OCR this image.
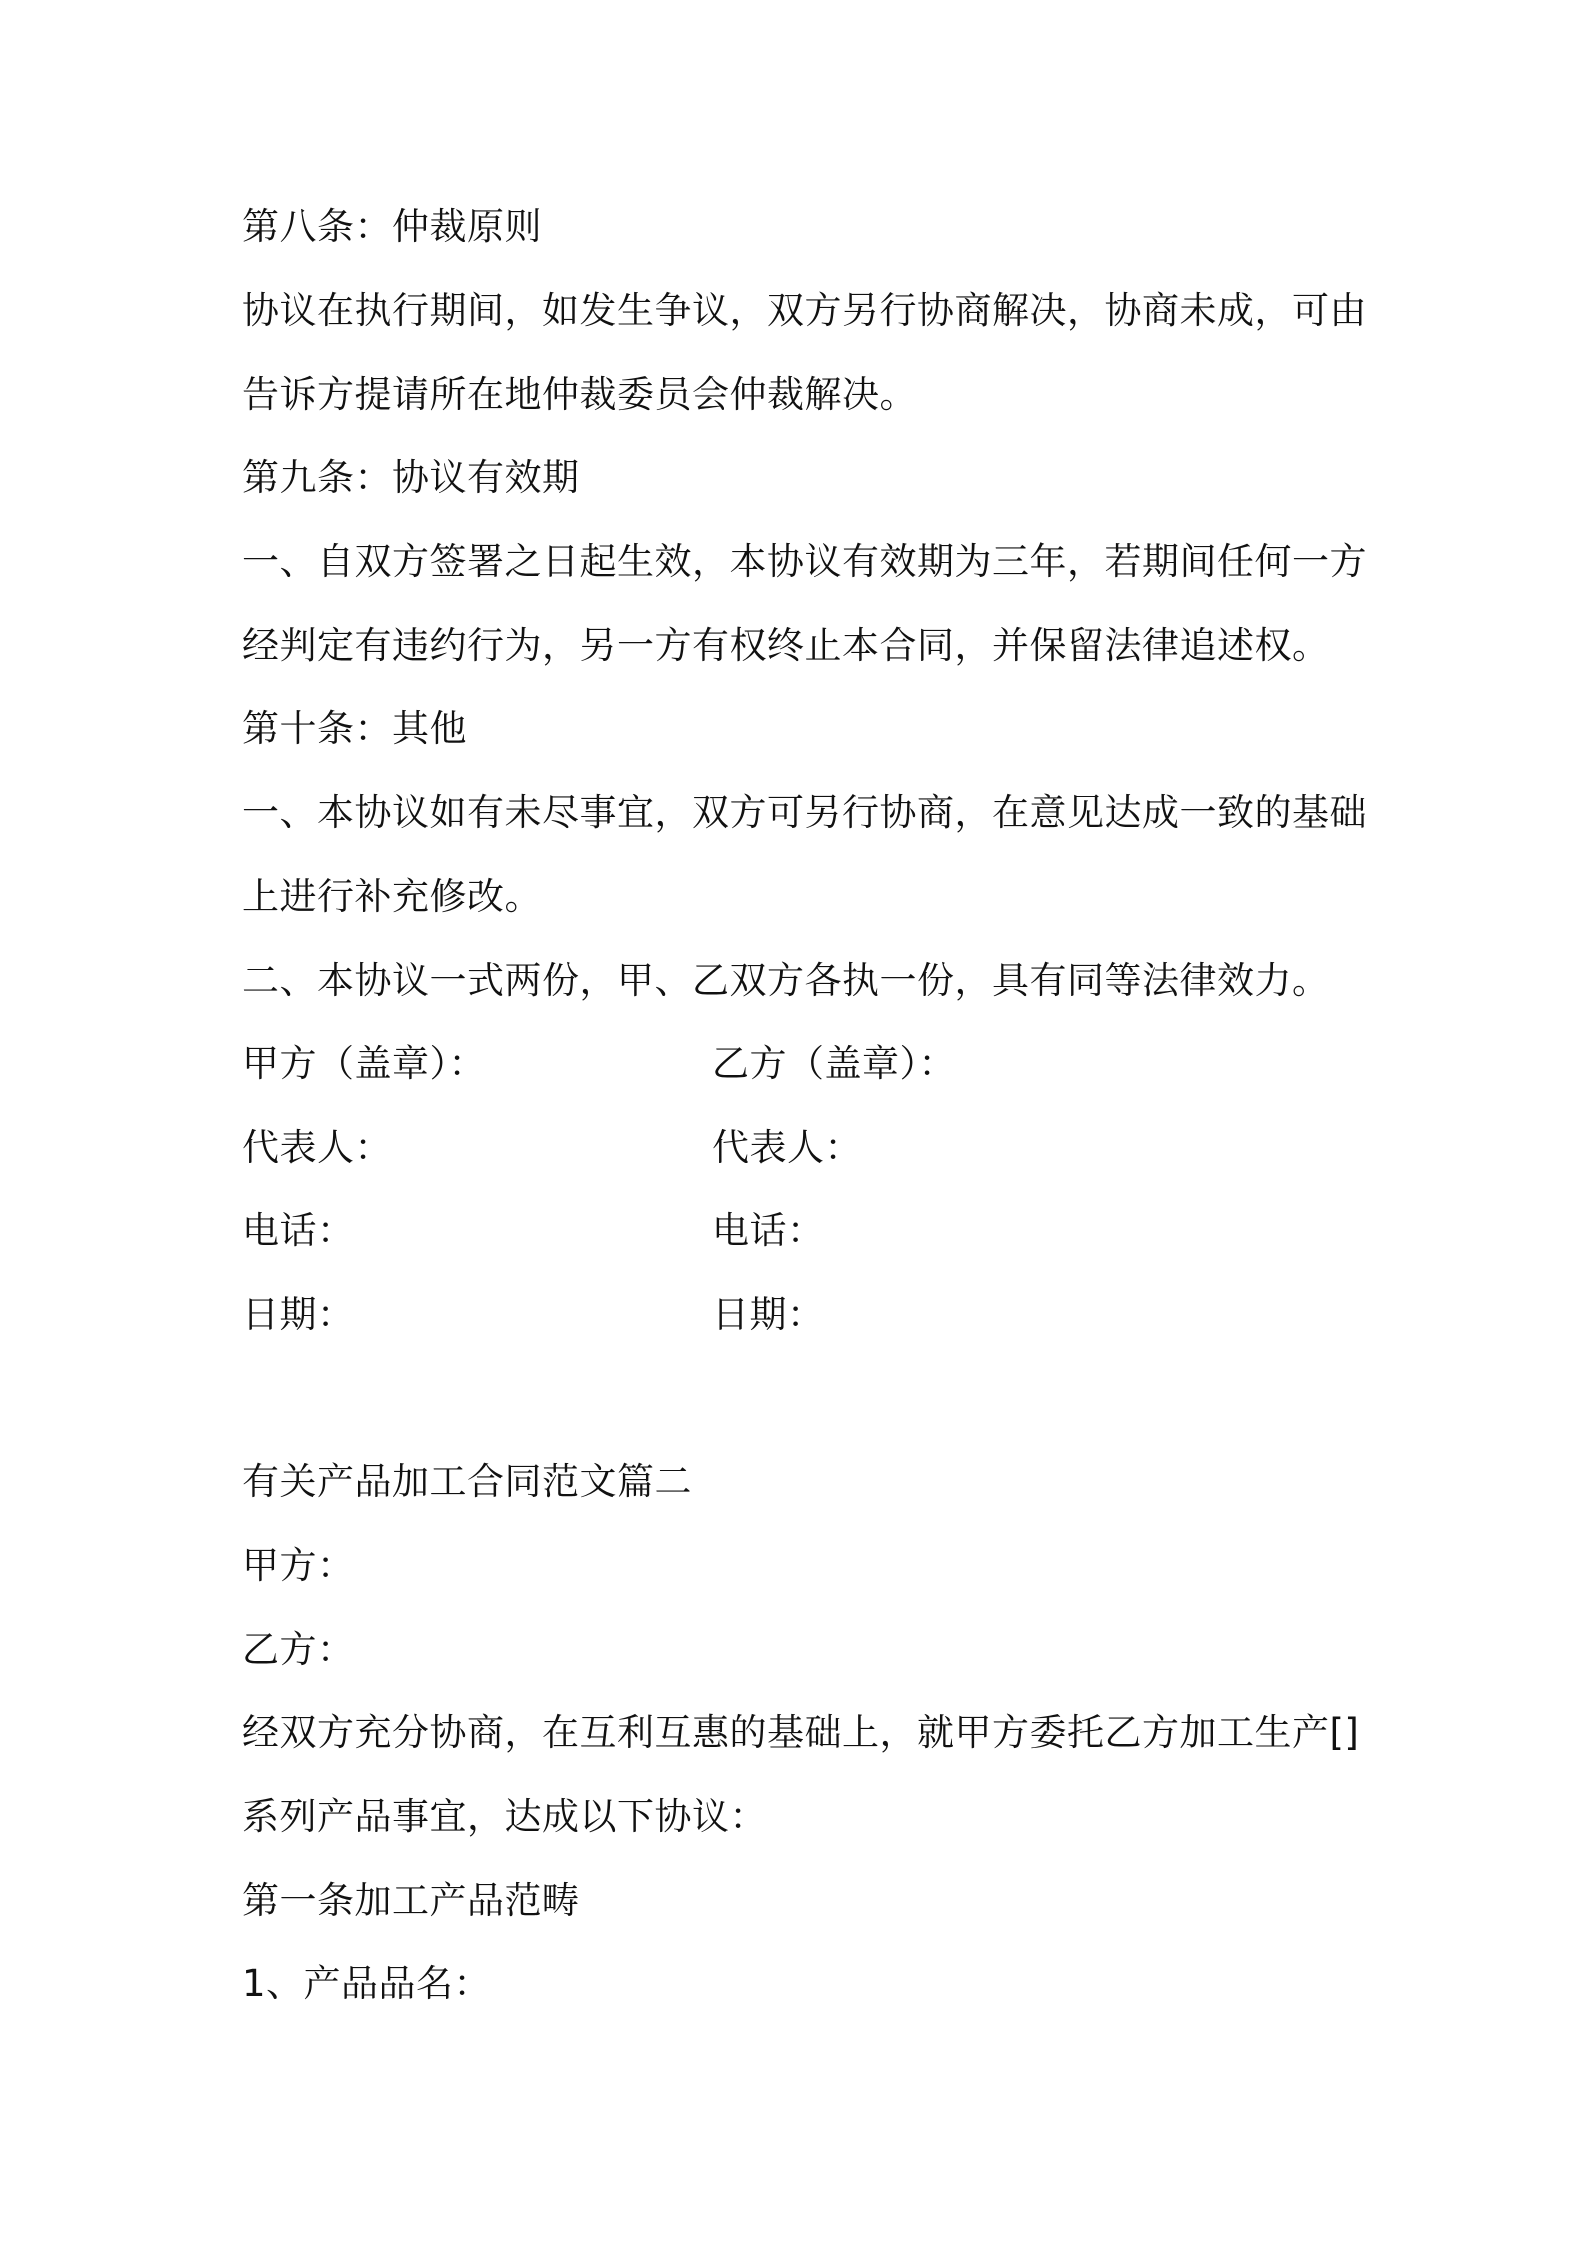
第八条：仲裁原则
协议在执行期间，如发生争议，双方另行协商解决，协商未成，可由
告诉方提请所在地仲裁委员会仲裁解决。
第九条：协议有效期
一、自双方签署之日起生效，本协议有效期为三年，若期间任何一方
经判定有违约行为，另一方有权终止本合同，并保留法律追述权。
第十条：其他
一、本协议如有未尽事宜，双方可另行协商，在意见达成一致的基础
上进行补充修改。
二、本协议一式两份，甲、乙双方各执一份，具有同等法律效力。
甲方（盖章）：	乙方（盖章）：
代表人：	代表人：
电话：	电话：
日期：	日期：
有关产品加工合同范文篇二
甲方：
乙方：
经双方充分协商，在互利互惠的基础上，就甲方委托乙方加工生产[]
系列产品事宜，达成以下协议：
第一条加工产品范畴
1、产品品名：
